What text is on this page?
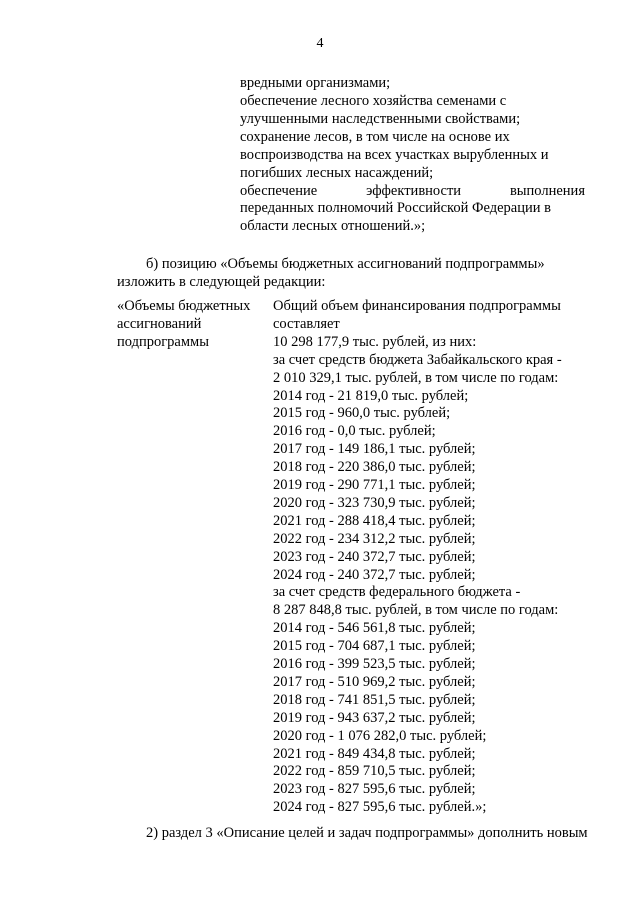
4
вредными организмами;
обеспечение лесного хозяйства семенами с
улучшенными наследственными свойствами;
сохранение лесов, в том числе на основе их
воспроизводства на всех участках вырубленных и
погибших лесных насаждений;
обеспечение эффективности выполнения
переданных полномочий Российской Федерации в
области лесных отношений.»;
б) позицию «Объемы бюджетных ассигнований подпрограммы»
изложить в следующей редакции:
«Объемы бюджетных
ассигнований
подпрограммы
Общий объем финансирования подпрограммы
составляет
10 298 177,9 тыс. рублей, из них:
за счет средств бюджета Забайкальского края -
2 010 329,1 тыс. рублей, в том числе по годам:
2014 год - 21 819,0 тыс. рублей;
2015 год - 960,0 тыс. рублей;
2016 год - 0,0 тыс. рублей;
2017 год - 149 186,1 тыс. рублей;
2018 год - 220 386,0 тыс. рублей;
2019 год - 290 771,1 тыс. рублей;
2020 год - 323 730,9 тыс. рублей;
2021 год - 288 418,4 тыс. рублей;
2022 год - 234 312,2 тыс. рублей;
2023 год - 240 372,7 тыс. рублей;
2024 год - 240 372,7 тыс. рублей;
за счет средств федерального бюджета -
8 287 848,8 тыс. рублей, в том числе по годам:
2014 год - 546 561,8 тыс. рублей;
2015 год - 704 687,1 тыс. рублей;
2016 год - 399 523,5 тыс. рублей;
2017 год - 510 969,2 тыс. рублей;
2018 год - 741 851,5 тыс. рублей;
2019 год - 943 637,2 тыс. рублей;
2020 год - 1 076 282,0 тыс. рублей;
2021 год - 849 434,8 тыс. рублей;
2022 год - 859 710,5 тыс. рублей;
2023 год - 827 595,6 тыс. рублей;
2024 год - 827 595,6 тыс. рублей.»;
2) раздел 3 «Описание целей и задач подпрограммы» дополнить новым
